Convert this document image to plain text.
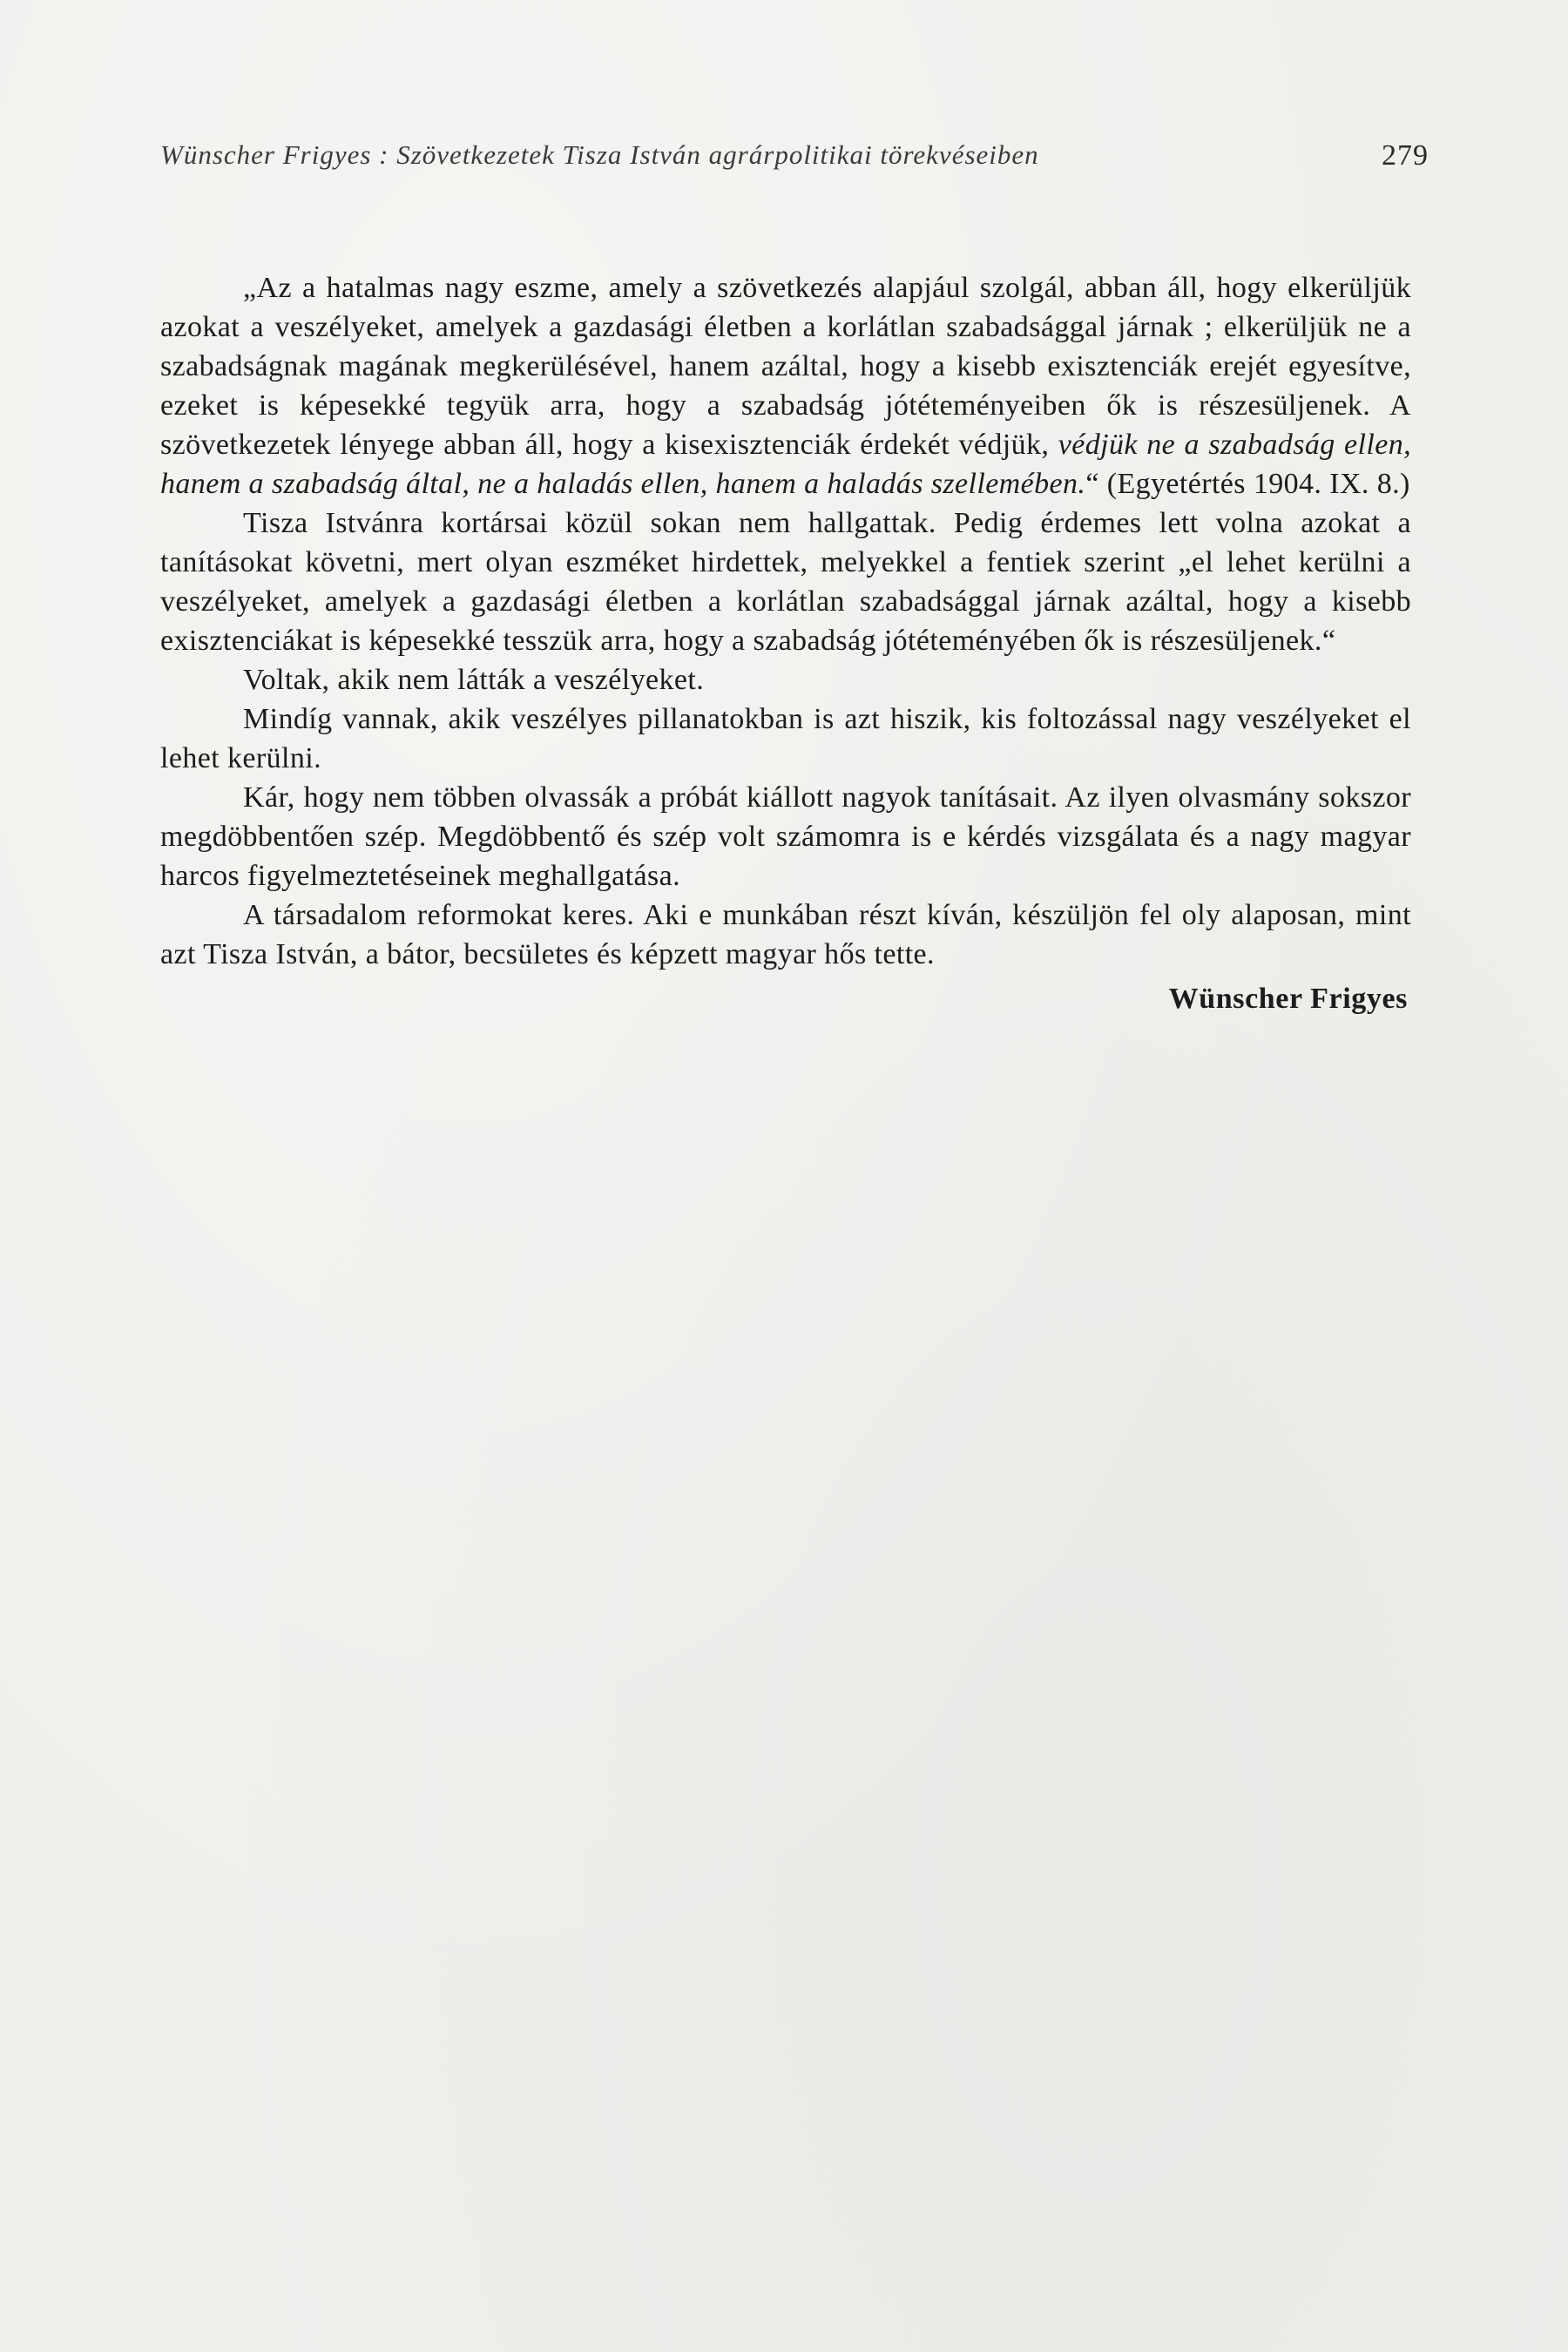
Wünscher Frigyes : Szövetkezetek Tisza István agrárpolitikai törekvéseiben	279

„Az a hatalmas nagy eszme, amely a szövetkezés alapjául szolgál, abban áll, hogy elkerüljük azokat a veszélyeket, amelyek a gazdasági életben a korlátlan szabadsággal járnak ; elkerüljük ne a szabadságnak magának megkerülésével, hanem azáltal, hogy a kisebb exisztenciák erejét egyesítve, ezeket is képesekké tegyük arra, hogy a szabadság jótéteményeiben ők is részesüljenek. A szövetkezetek lényege abban áll, hogy a kisexisztenciák érdekét védjük, védjük ne a szabadság ellen, hanem a szabadság által, ne a haladás ellen, hanem a haladás szellemében.“ (Egyetértés 1904. IX. 8.)

Tisza Istvánra kortársai közül sokan nem hallgattak. Pedig érdemes lett volna azokat a tanításokat követni, mert olyan eszméket hirdettek, melyekkel a fentiek szerint „el lehet kerülni a veszélyeket, amelyek a gazdasági életben a korlátlan szabadsággal járnak azáltal, hogy a kisebb exisztenciákat is képesekké tesszük arra, hogy a szabadság jótéteményében ők is részesüljenek.“

Voltak, akik nem látták a veszélyeket.

Mindíg vannak, akik veszélyes pillanatokban is azt hiszik, kis foltozással nagy veszélyeket el lehet kerülni.

Kár, hogy nem többen olvassák a próbát kiállott nagyok tanításait. Az ilyen olvasmány sokszor megdöbbentően szép. Megdöbbentő és szép volt számomra is e kérdés vizsgálata és a nagy magyar harcos figyelmeztetéseinek meghallgatása.

A társadalom reformokat keres. Aki e munkában részt kíván, készüljön fel oly alaposan, mint azt Tisza István, a bátor, becsületes és képzett magyar hős tette.

Wünscher Frigyes
